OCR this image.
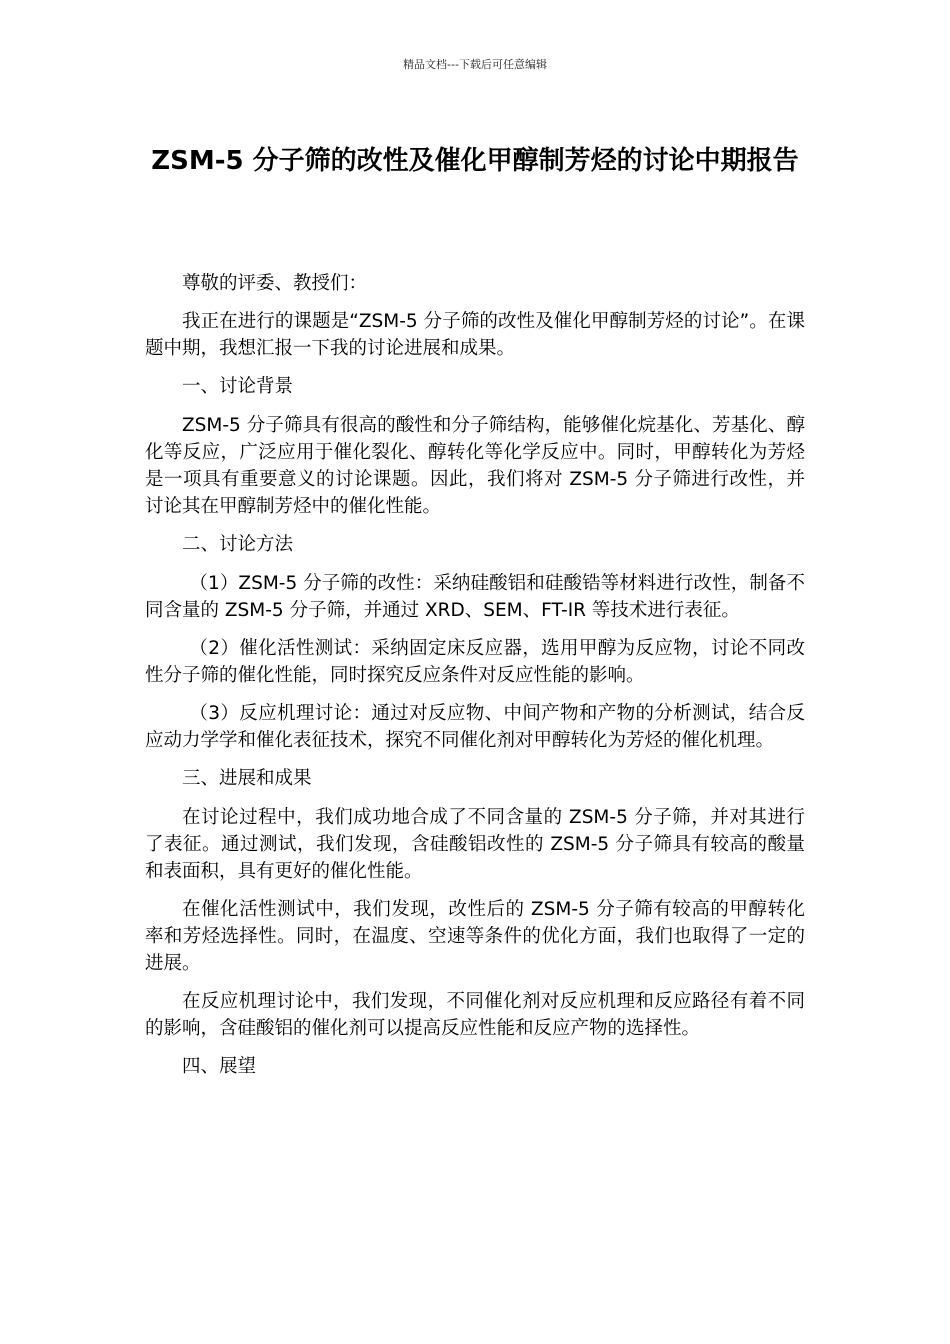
精品文档---下载后可任意编辑
ZSM-5 分子筛的改性及催化甲醇制芳烃的讨论中期报告

尊敬的评委、教授们：

我正在进行的课题是“ZSM-5 分子筛的改性及催化甲醇制芳烃的讨论”。在课题中期，我想汇报一下我的讨论进展和成果。

一、讨论背景

ZSM-5 分子筛具有很高的酸性和分子筛结构，能够催化烷基化、芳基化、醇化等反应，广泛应用于催化裂化、醇转化等化学反应中。同时，甲醇转化为芳烃是一项具有重要意义的讨论课题。因此，我们将对 ZSM-5 分子筛进行改性，并讨论其在甲醇制芳烃中的催化性能。

二、讨论方法

（1）ZSM-5 分子筛的改性：采纳硅酸铝和硅酸锆等材料进行改性，制备不同含量的 ZSM-5 分子筛，并通过 XRD、SEM、FT-IR 等技术进行表征。

（2）催化活性测试：采纳固定床反应器，选用甲醇为反应物，讨论不同改性分子筛的催化性能，同时探究反应条件对反应性能的影响。

（3）反应机理讨论：通过对反应物、中间产物和产物的分析测试，结合反应动力学学和催化表征技术，探究不同催化剂对甲醇转化为芳烃的催化机理。

三、进展和成果

在讨论过程中，我们成功地合成了不同含量的 ZSM-5 分子筛，并对其进行了表征。通过测试，我们发现，含硅酸铝改性的 ZSM-5 分子筛具有较高的酸量和表面积，具有更好的催化性能。

在催化活性测试中，我们发现，改性后的 ZSM-5 分子筛有较高的甲醇转化率和芳烃选择性。同时，在温度、空速等条件的优化方面，我们也取得了一定的进展。

在反应机理讨论中，我们发现，不同催化剂对反应机理和反应路径有着不同的影响，含硅酸铝的催化剂可以提高反应性能和反应产物的选择性。

四、展望
